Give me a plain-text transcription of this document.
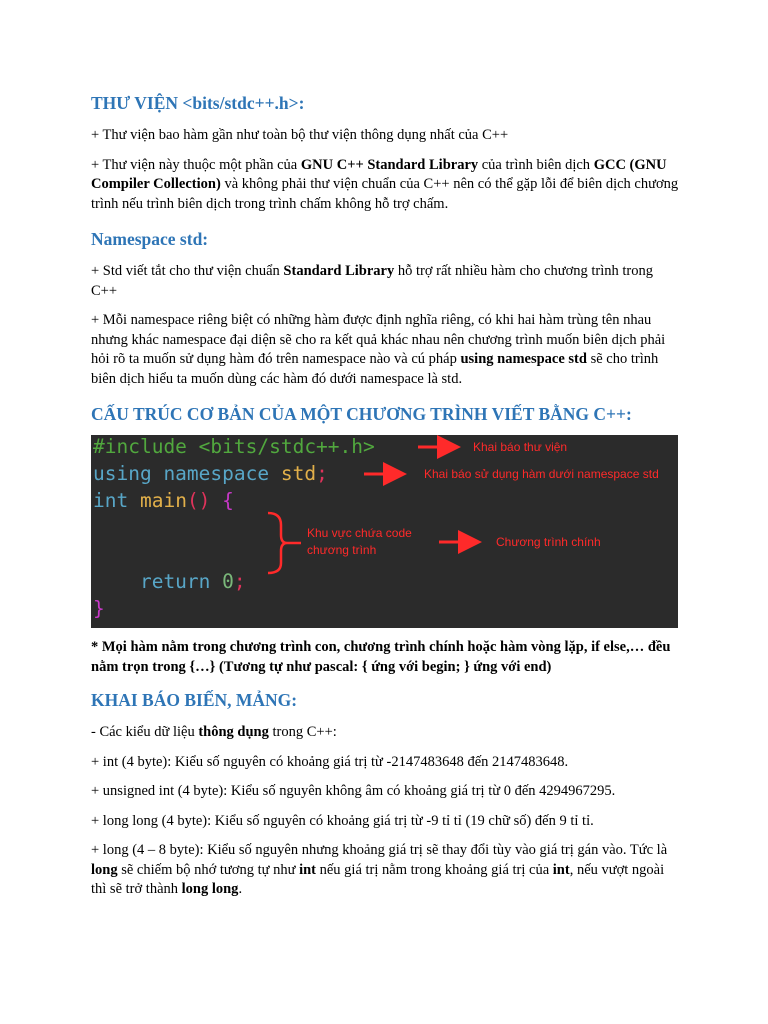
THƯ VIỆN <bits/stdc++.h>:

+ Thư viện bao hàm gần như toàn bộ thư viện thông dụng nhất của C++

+ Thư viện này thuộc một phần của GNU C++ Standard Library của trình biên dịch GCC (GNU Compiler Collection) và không phải thư viện chuẩn của C++ nên có thể gặp lỗi để biên dịch chương trình nếu trình biên dịch trong trình chấm không hỗ trợ chấm.

Namespace std:

+ Std viết tắt cho thư viện chuẩn Standard Library hỗ trợ rất nhiều hàm cho chương trình trong C++

+ Mỗi namespace riêng biệt có những hàm được định nghĩa riêng, có khi hai hàm trùng tên nhau nhưng khác namespace đại diện sẽ cho ra kết quả khác nhau nên chương trình muốn biên dịch phải hỏi rõ ta muốn sử dụng hàm đó trên namespace nào và cú pháp using namespace std sẽ cho trình biên dịch hiểu ta muốn dùng các hàm đó dưới namespace là std.

CẤU TRÚC CƠ BẢN CỦA MỘT CHƯƠNG TRÌNH VIẾT BẰNG C++:
#include <bits/stdc++.h>
using namespace std;
int main() {
return 0;
}
Khai báo thư viện
Khai báo sử dụng hàm dưới namespace std
Khu vực chứa code chương trình
Chương trình chính

* Mọi hàm nằm trong chương trình con, chương trình chính hoặc hàm vòng lặp, if else,… đều nằm trọn trong {…} (Tương tự như pascal: { ứng với begin; } ứng với end)

KHAI BÁO BIẾN, MẢNG:

- Các kiểu dữ liệu thông dụng trong C++:

+ int (4 byte): Kiểu số nguyên có khoảng giá trị từ -2147483648 đến 2147483648.

+ unsigned int (4 byte): Kiểu số nguyên không âm có khoảng giá trị từ 0 đến 4294967295.

+ long long (4 byte): Kiểu số nguyên có khoảng giá trị từ -9 tỉ tỉ (19 chữ số) đến 9 tỉ tỉ.

+ long (4 – 8 byte): Kiểu số nguyên nhưng khoảng giá trị sẽ thay đổi tùy vào giá trị gán vào. Tức là long sẽ chiếm bộ nhớ tương tự như int nếu giá trị nằm trong khoảng giá trị của int, nếu vượt ngoài thì sẽ trở thành long long.
